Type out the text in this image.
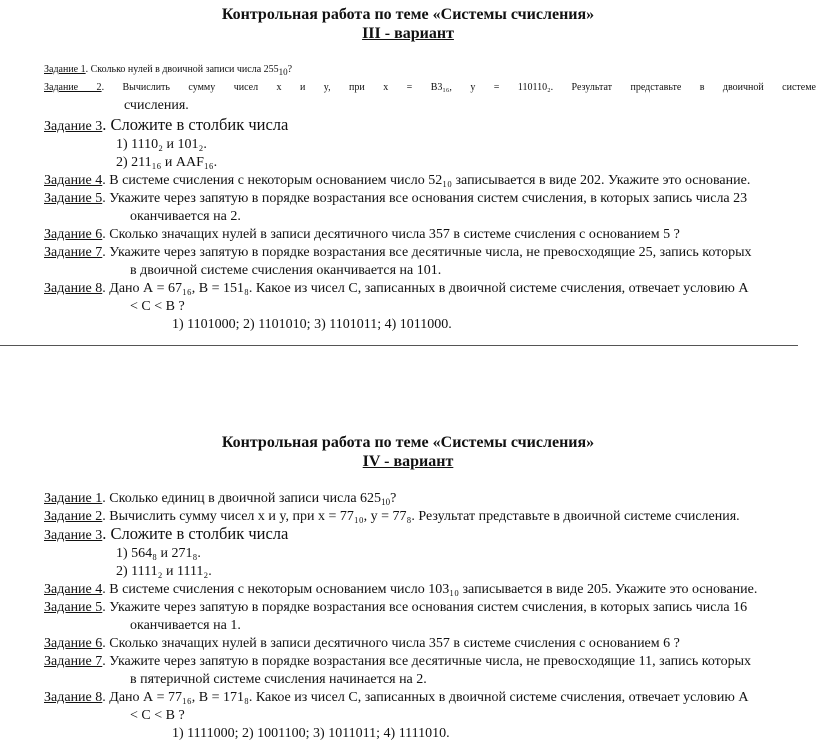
Контрольная работа по теме «Системы счисления»
III - вариант
Задание 1. Сколько нулей в двоичной записи числа $255_{10}$?
Задание 2. Вычислить сумму чисел x и y, при x = B3₁₆, y = 110110₂. Результат представьте в двоичной системе
счисления.
Задание 3. Сложите в столбик числа
1) 1110₂ и 101₂.
2) 211₁₆ и AAF₁₆.
Задание 4. В системе счисления с некоторым основанием число 52₁₀ записывается в виде 202. Укажите это основание.
Задание 5. Укажите через запятую в порядке возрастания все основания систем счисления, в которых запись числа 23
оканчивается на 2.
Задание 6. Сколько значащих нулей в записи десятичного числа 357 в системе счисления с основанием 5 ?
Задание 7. Укажите через запятую в порядке возрастания все десятичные числа, не превосходящие 25, запись которых
в двоичной системе счисления оканчивается на 101.
Задание 8. Дано А = 67₁₆, В = 151₈. Какое из чисел С, записанных в двоичной системе счисления, отвечает условию А
< С < В ?
1) 1101000; 2) 1101010; 3) 1101011; 4) 1011000.
Контрольная работа по теме «Системы счисления»
IV - вариант
Задание 1. Сколько единиц в двоичной записи числа $625_{10}$?
Задание 2. Вычислить сумму чисел x и y, при x = 77₁₀, y = 77₈. Результат представьте в двоичной системе счисления.
Задание 3. Сложите в столбик числа
1) 564₈ и 271₈.
2) 1111₂ и 1111₂.
Задание 4. В системе счисления с некоторым основанием число 103₁₀ записывается в виде 205. Укажите это основание.
Задание 5. Укажите через запятую в порядке возрастания все основания систем счисления, в которых запись числа 16
оканчивается на 1.
Задание 6. Сколько значащих нулей в записи десятичного числа 357 в системе счисления с основанием 6 ?
Задание 7. Укажите через запятую в порядке возрастания все десятичные числа, не превосходящие 11, запись которых
в пятеричной системе счисления начинается на 2.
Задание 8. Дано А = 77₁₆, В = 171₈. Какое из чисел С, записанных в двоичной системе счисления, отвечает условию А
< С < В ?
1) 1111000; 2) 1001100; 3) 1011011; 4) 1111010.
